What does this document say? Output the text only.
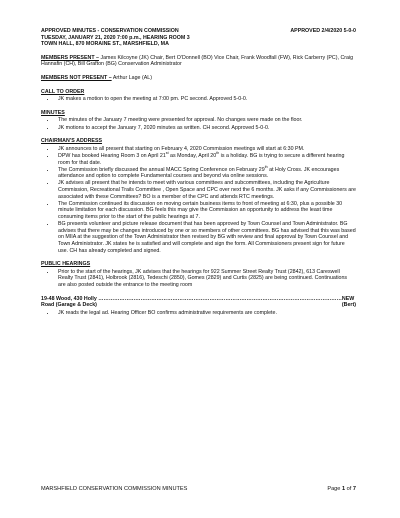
APPROVED MINUTES - CONSERVATION COMMISSION	APPROVED 2/4/2020 5-0-0
TUESDAY, JANUARY 21, 2020 7:00 p.m., HEARING ROOM 3
TOWN HALL, 870 MORAINE ST., MARSHFIELD, MA
MEMBERS PRESENT – James Kilcoyne (JK) Chair, Bert O’Donnell (BO) Vice Chair, Frank Woodfall (FW), Rick Carberry (PC), Craig Hannafin (CH), Bill Grafton (BG) Conservation Administrator
MEMBERS NOT PRESENT – Arthur Lage (AL)
CALL TO ORDER
• JK makes a motion to open the meeting at 7:00 pm. PC second. Approved 5-0-0.
MINUTES
• The minutes of the January 7 meeting were presented for approval. No changes were made on the floor.
• JK motions to accept the January 7, 2020 minutes as written. CH second. Approved 5-0-0.
CHAIRMAN’S ADDRESS
• JK announces to all present that starting on February 4, 2020 Commission meetings will start at 6:30 PM.
• DPW has booked Hearing Room 3 on April 21st as Monday, April 20th is a holiday. BG is trying to secure a different hearing room for that date.
• The Commission briefly discussed the annual MACC Spring Conference on February 29th at Holy Cross. JK encourages attendance and option to complete Fundamental courses and beyond via online sessions.
• JK advises all present that he intends to meet with various committees and subcommittees, including the Agriculture Commission, Recreational Trails Committee , Open Space and CPC over next the 6 months. JK asks if any Commissioners are associated with these Committees? BO is a member of the CPC and attends RTC meetings.
• The Commission continued its discussion on moving certain business items to front of meeting at 6:30, plus a possible 30 minute limitation for each discussion. BG feels this may give the Commission an opportunity to address the least time consuming items prior to the start of the public hearings at 7.
• BG presents volunteer and picture release document that has been approved by Town Counsel and Town Administrator. BG advises that there may be changes introduced by one or so members of other committees. BG has advised that this was based on MIIA at the suggestion of the Town Administrator then revised by BG with review and final approval by Town Counsel and Town Administrator. JK states he is satisfied and will complete and sign the form. All Commissioners present sign for future use. CH has already completed and signed.
PUBLIC HEARINGS
• Prior to the start of the hearings, JK advises that the hearings for 922 Summer Street Realty Trust (2842), 613 Careswell Realty Trust (2841), Holbrook (2816), Tedeschi (2850), Gomes (2829) and Curtis (2825) are being continued. Continuations are also posted outside the entrance to the meeting room
19-48 Wood, 430 Holly Road (Garage & Deck)
………………………………………………………………………………………………………………………… NEW (Bert)
• JK reads the legal ad. Hearing Officer BO confirms administrative requirements are complete.
MARSHFIELD CONSERVATION COMMISSION MINUTES	Page 1 of 7
